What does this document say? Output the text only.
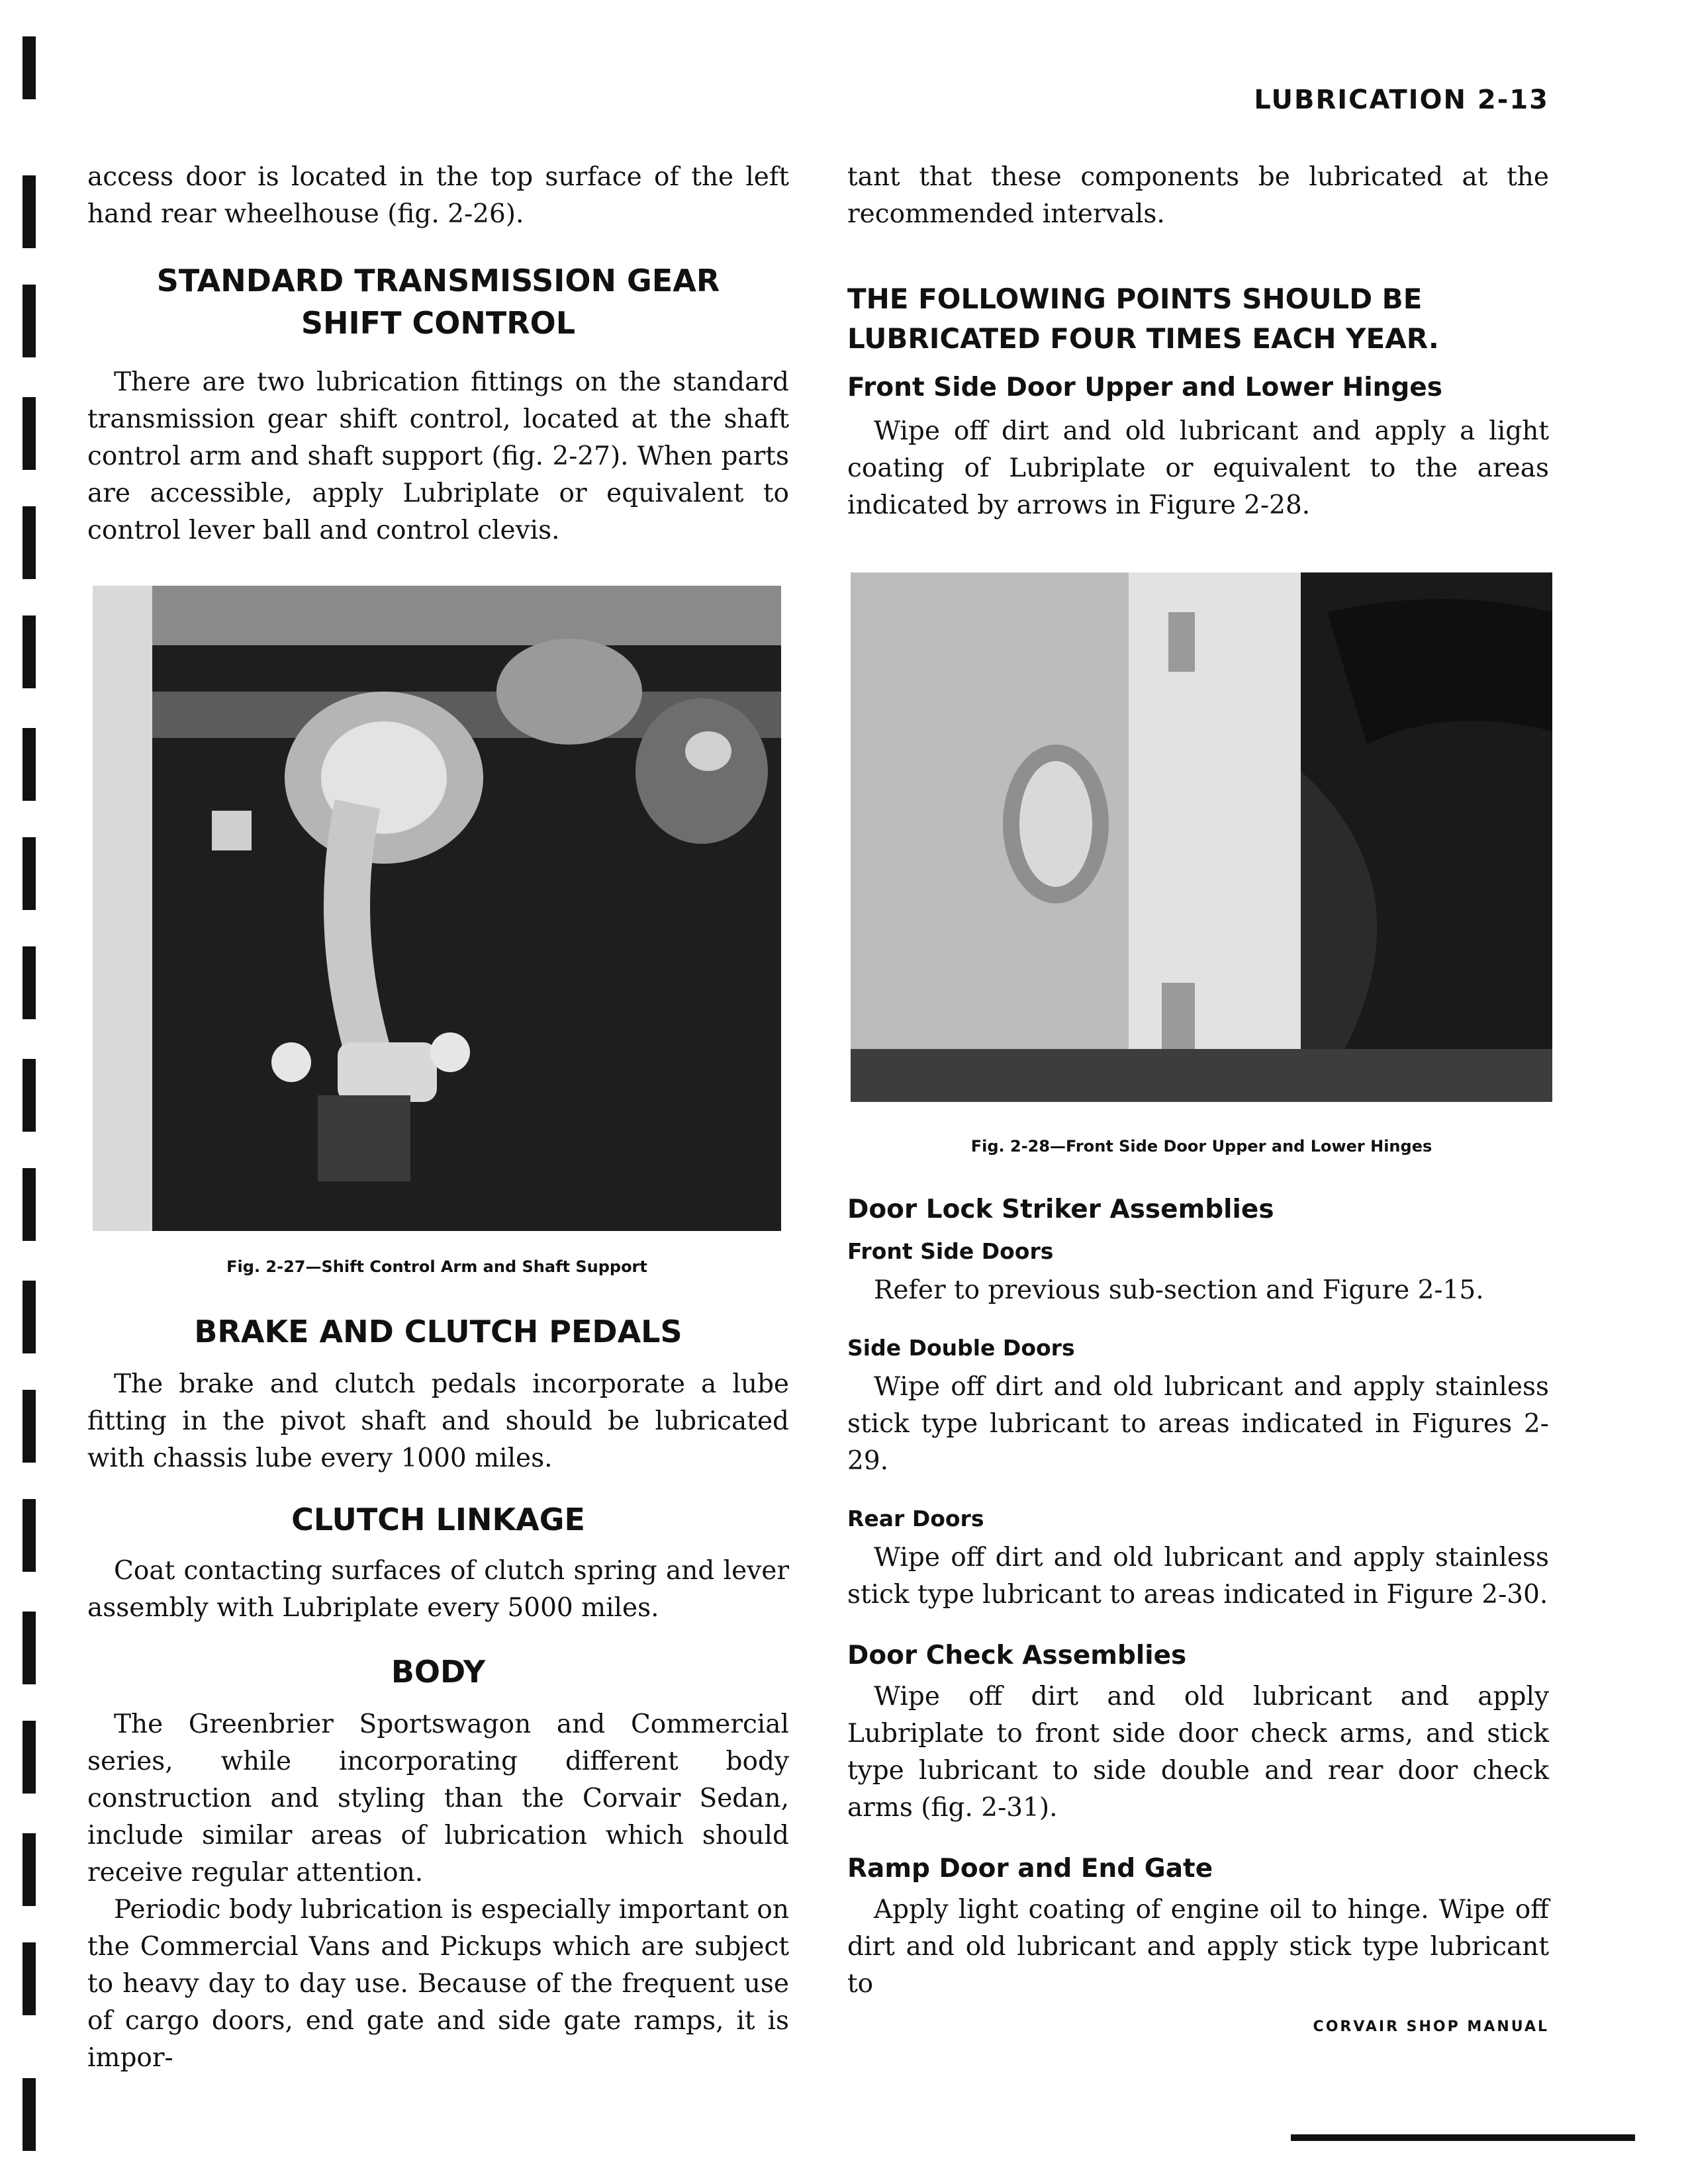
LUBRICATION 2-13

access door is located in the top surface of the left hand rear wheelhouse (fig. 2-26).

STANDARD TRANSMISSION GEAR SHIFT CONTROL

There are two lubrication fittings on the standard transmission gear shift control, located at the shaft control arm and shaft support (fig. 2-27). When parts are accessible, apply Lubriplate or equivalent to control lever ball and control clevis.

Fig. 2-27—Shift Control Arm and Shaft Support
BRAKE AND CLUTCH PEDALS

The brake and clutch pedals incorporate a lube fitting in the pivot shaft and should be lubricated with chassis lube every 1000 miles.

CLUTCH LINKAGE

Coat contacting surfaces of clutch spring and lever assembly with Lubriplate every 5000 miles.

BODY

The Greenbrier Sportswagon and Commercial series, while incorporating different body construction and styling than the Corvair Sedan, include similar areas of lubrication which should receive regular attention.

Periodic body lubrication is especially important on the Commercial Vans and Pickups which are subject to heavy day to day use. Because of the frequent use of cargo doors, end gate and side gate ramps, it is impor-

tant that these components be lubricated at the recommended intervals.

THE FOLLOWING POINTS SHOULD BE LUBRICATED FOUR TIMES EACH YEAR.
Front Side Door Upper and Lower Hinges

Wipe off dirt and old lubricant and apply a light coating of Lubriplate or equivalent to the areas indicated by arrows in Figure 2-28.

Fig. 2-28—Front Side Door Upper and Lower Hinges
Door Lock Striker Assemblies
Front Side Doors

Refer to previous sub-section and Figure 2-15.

Side Double Doors

Wipe off dirt and old lubricant and apply stainless stick type lubricant to areas indicated in Figures 2-29.

Rear Doors

Wipe off dirt and old lubricant and apply stainless stick type lubricant to areas indicated in Figure 2-30.

Door Check Assemblies

Wipe off dirt and old lubricant and apply Lubriplate to front side door check arms, and stick type lubricant to side double and rear door check arms (fig. 2-31).

Ramp Door and End Gate

Apply light coating of engine oil to hinge. Wipe off dirt and old lubricant and apply stick type lubricant to

CORVAIR SHOP MANUAL
